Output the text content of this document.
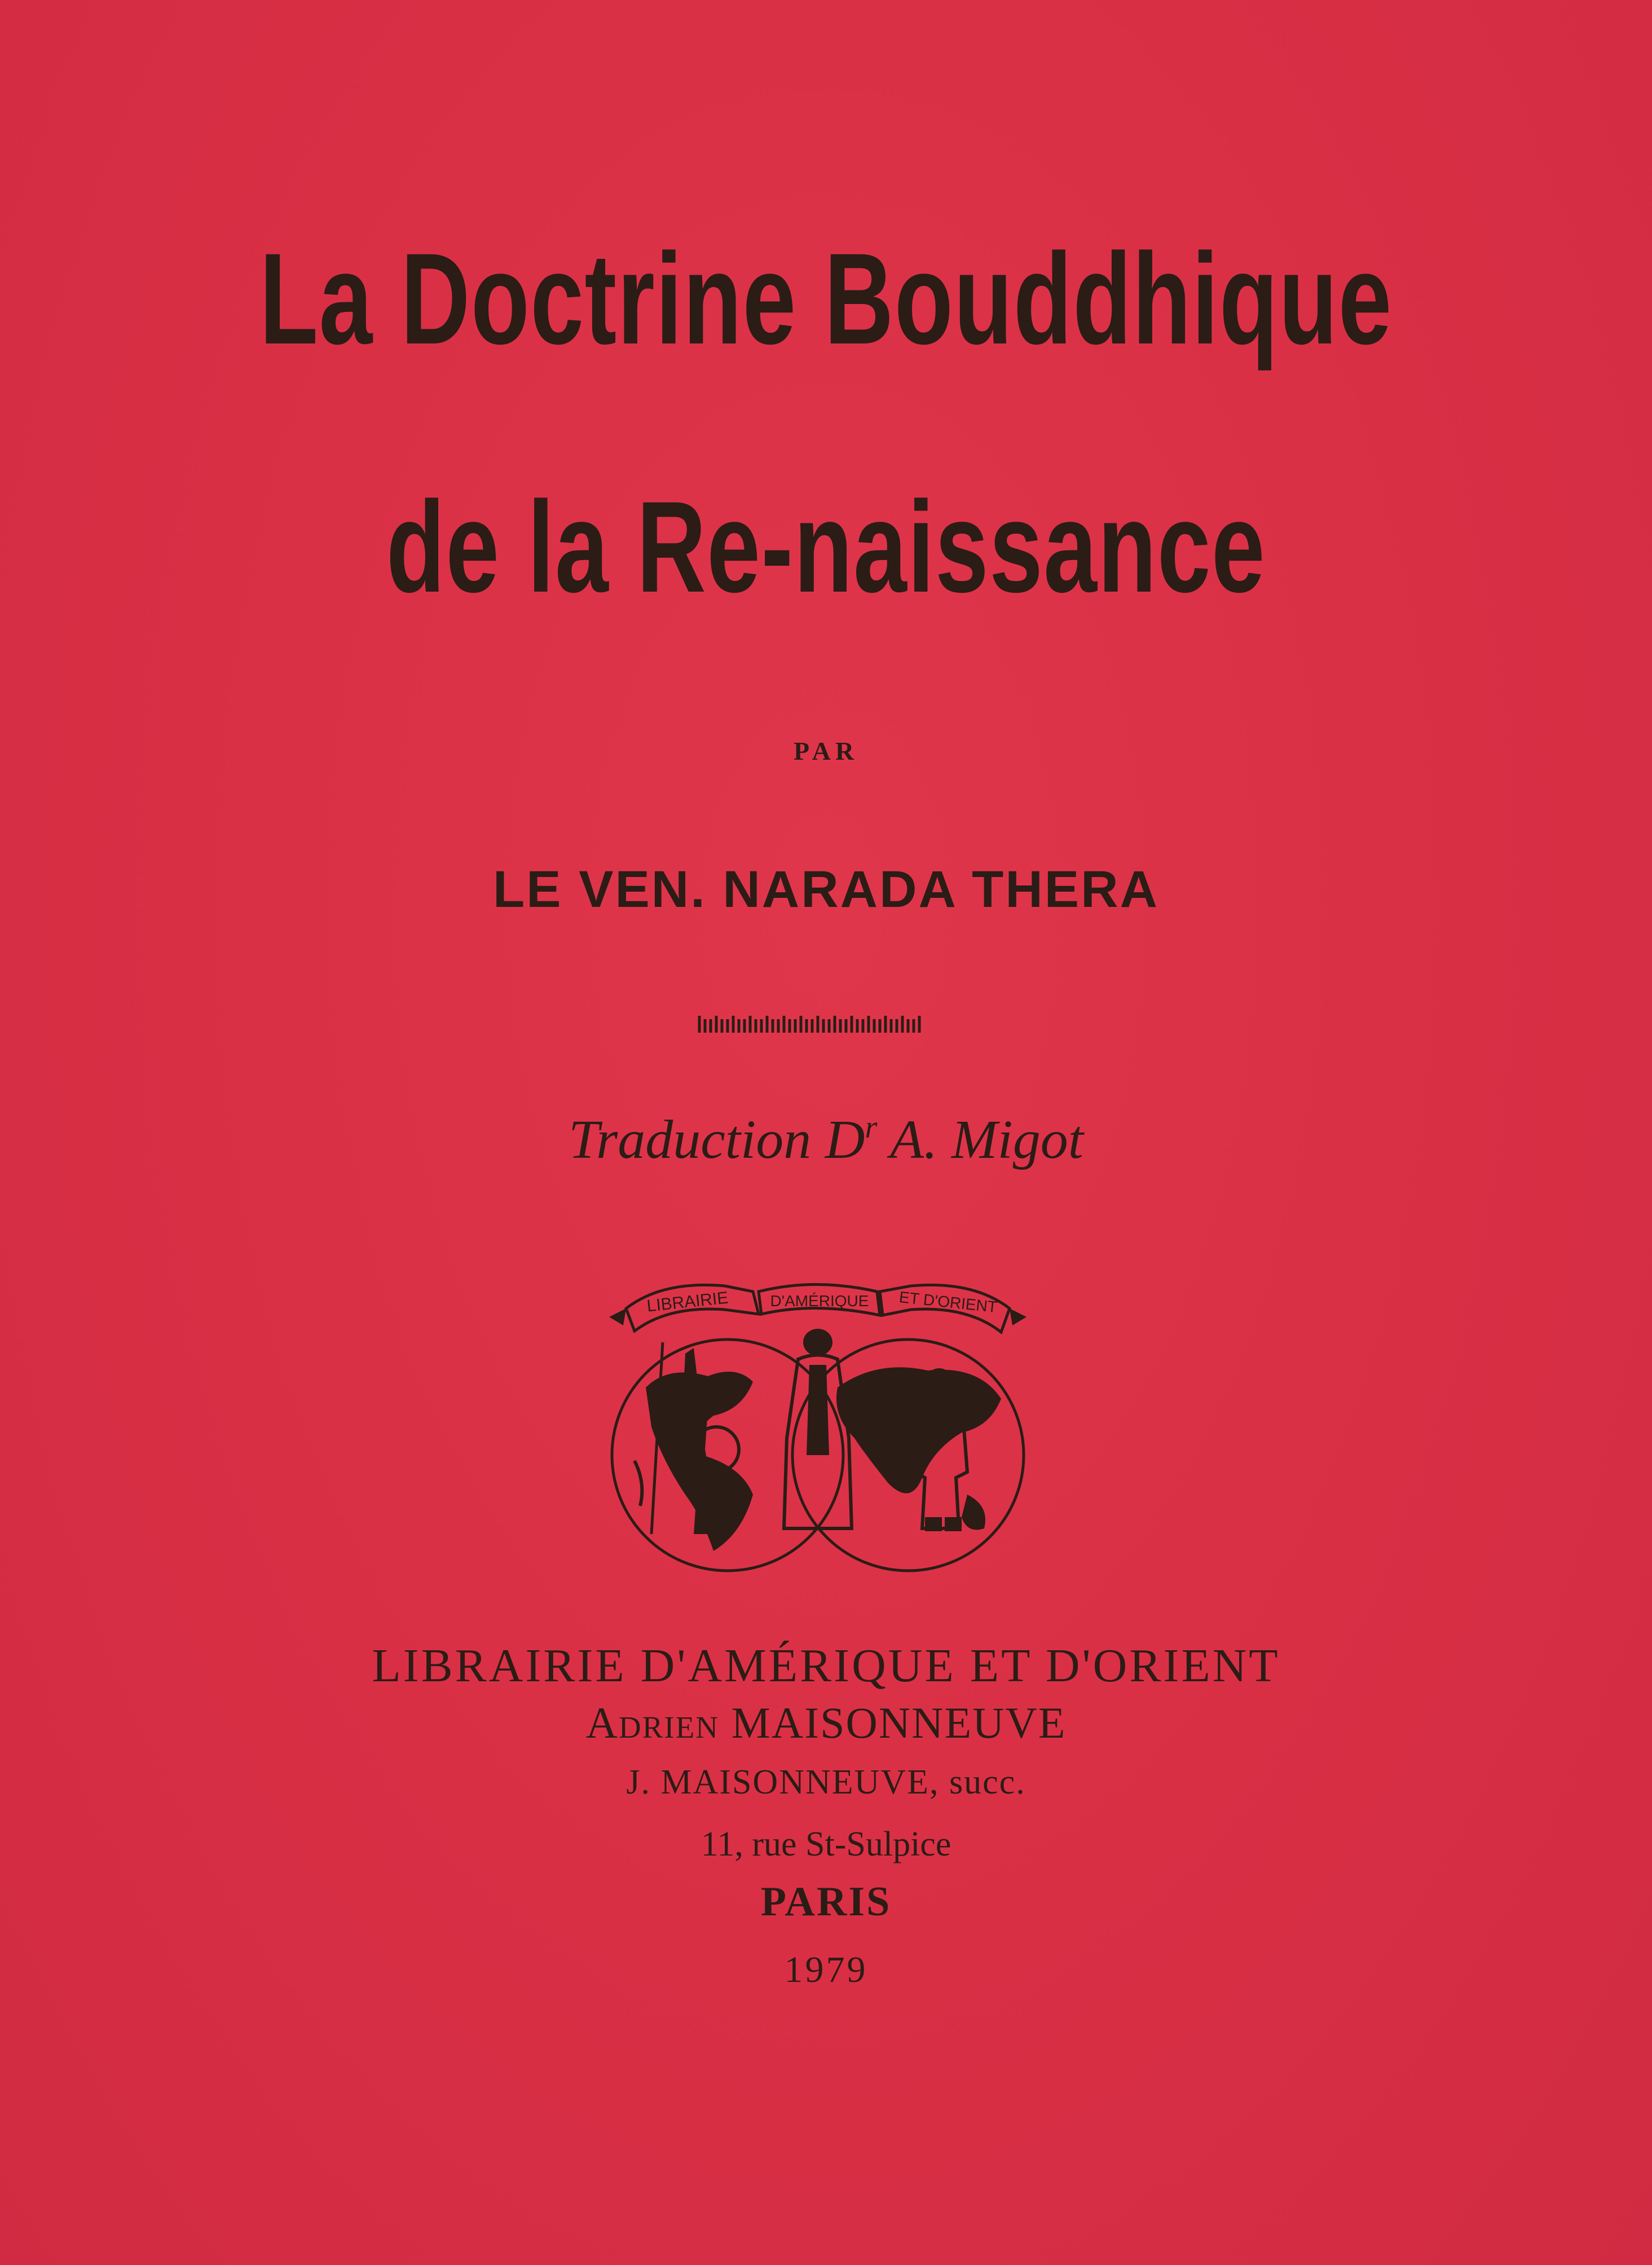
La Doctrine Bouddhique
de la Re-naissance
PAR
LE VEN. NARADA THERA
Traduction $D^r$ A. Migot
LIBRAIRIE	D'AMÉRIQUE ET D'ORIENT
LIBRAIRIE D'AMÉRIQUE ET D'ORIENT
Adrien MAISONNEUVE
J. MAISONNEUVE, succ.
11, rue St-Sulpice
PARIS
1979
